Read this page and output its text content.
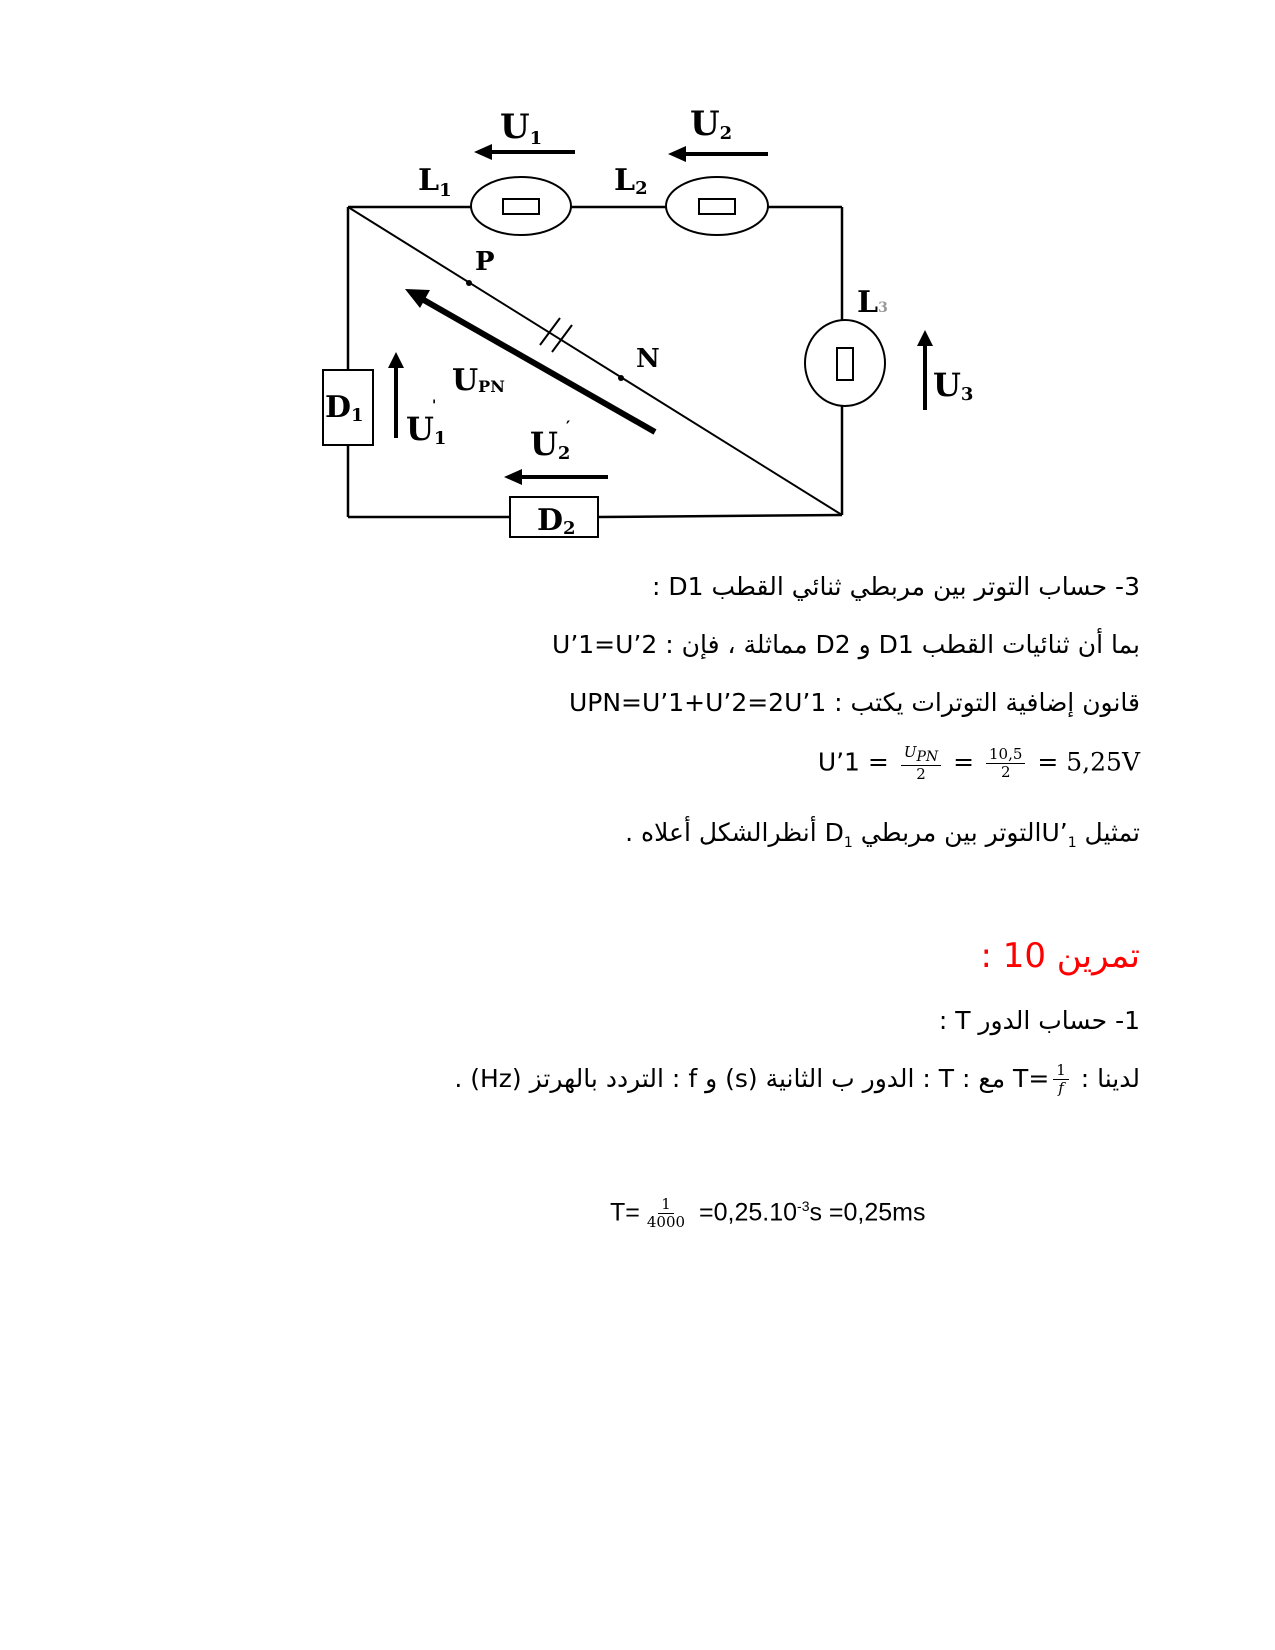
U1	U2
$L_1$	L2
L3
P
N
UPN	U3
D1 U1
'
U2
′
D2
3- حساب التوتر بين مربطي ثنائي القطب D1 :
بما أن ثنائيات القطب D1 و D2 مماثلة ، فإن : U’1=U’2
قانون إضافية التوترات يكتب : UPN=U’1+U’2=2U’1
U’1 = $\frac{U_{PN}}{2} = \frac{10,5}{2} = 5,25V$
تمثيل $U’_1التوتر$ بين مربطي $D_1$ أنظرالشكل أعلاه .
تمرين 10 :
1- حساب الدور T :
لدينا : $T= \frac{1}{f}$
مع : T : الدور ب الثانية (s) و f : التردد بالهرتز (Hz) .
$T= \frac{1}{4000} =0,25.10^{-3}s =0,25ms$
